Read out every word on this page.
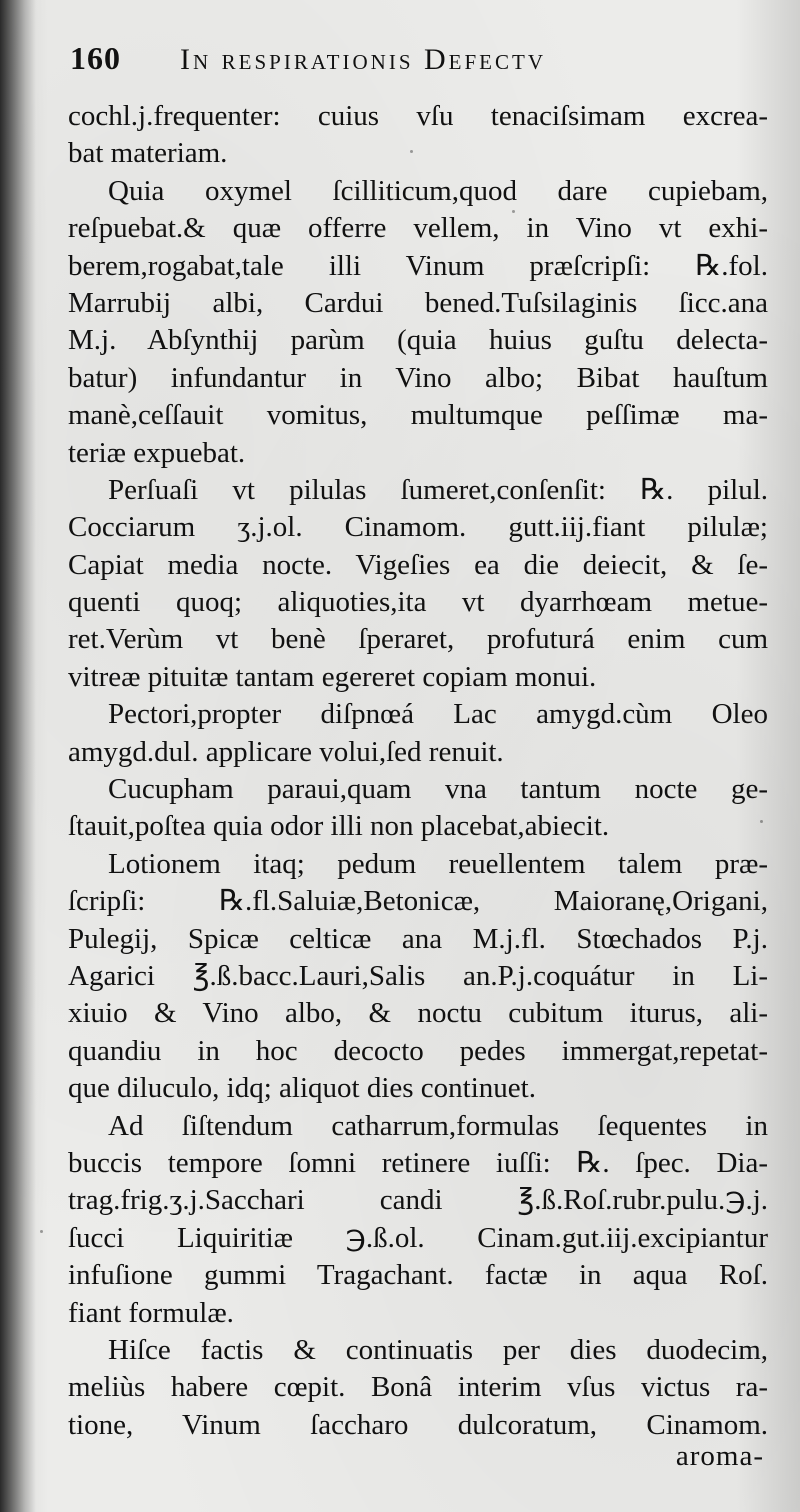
160	In respirationis Defectv
cochl.j.frequenter: cuius vſu tenaciſsimam excrea-
bat materiam.
Quia oxymel ſcilliticum,quod dare cupiebam,
reſpuebat.& quæ offerre vellem, in Vino vt exhi-
berem,rogabat,tale illi Vinum præſcripſi: ℞.fol.
Marrubij albi, Cardui bened.Tuſsilaginis ſicc.ana
M.j. Abſynthij parùm (quia huius guſtu delecta-
batur) infundantur in Vino albo; Bibat hauſtum
manè,ceſſauit vomitus, multumque peſſimæ ma-
teriæ expuebat.
Perſuaſi vt pilulas ſumeret,conſenſit: ℞. pilul.
Cocciarum ʒ.j.ol. Cinamom. gutt.iij.fiant pilulæ;
Capiat media nocte. Vigeſies ea die deiecit, & ſe-
quenti quoq; aliquoties,ita vt dyarrhœam metue-
ret.Verùm vt benè ſperaret, profuturá enim cum
vitreæ pituitæ tantam egereret copiam monui.
Pectori,propter diſpnœá Lac amygd.cùm Oleo
amygd.dul. applicare volui,ſed renuit.
Cucupham paraui,quam vna tantum nocte ge-
ſtauit,poſtea quia odor illi non placebat,abiecit.
Lotionem itaq; pedum reuellentem talem præ-
ſcripſi: ℞.fl.Saluiæ,Betonicæ, Maioranę,Origani,
Pulegij, Spicæ celticæ ana M.j.fl. Stœchados P.j.
Agarici ℥.ß.bacc.Lauri,Salis an.P.j.coquátur in Li-
xiuio & Vino albo, & noctu cubitum iturus, ali-
quandiu in hoc decocto pedes immergat,repetat-
que diluculo, idq; aliquot dies continuet.
Ad ſiſtendum catharrum,formulas ſequentes in
buccis tempore ſomni retinere iuſſi: ℞. ſpec. Dia-
trag.frig.ʒ.j.Sacchari candi ℥.ß.Roſ.rubr.pulu.℈.j.
ſucci Liquiritiæ ℈.ß.ol. Cinam.gut.iij.excipiantur
infuſione gummi Tragachant. factæ in aqua Roſ.
fiant formulæ.
Hiſce factis & continuatis per dies duodecim,
meliùs habere cœpit. Bonâ interim vſus victus ra-
tione, Vinum ſaccharo dulcoratum, Cinamom.
aroma-
